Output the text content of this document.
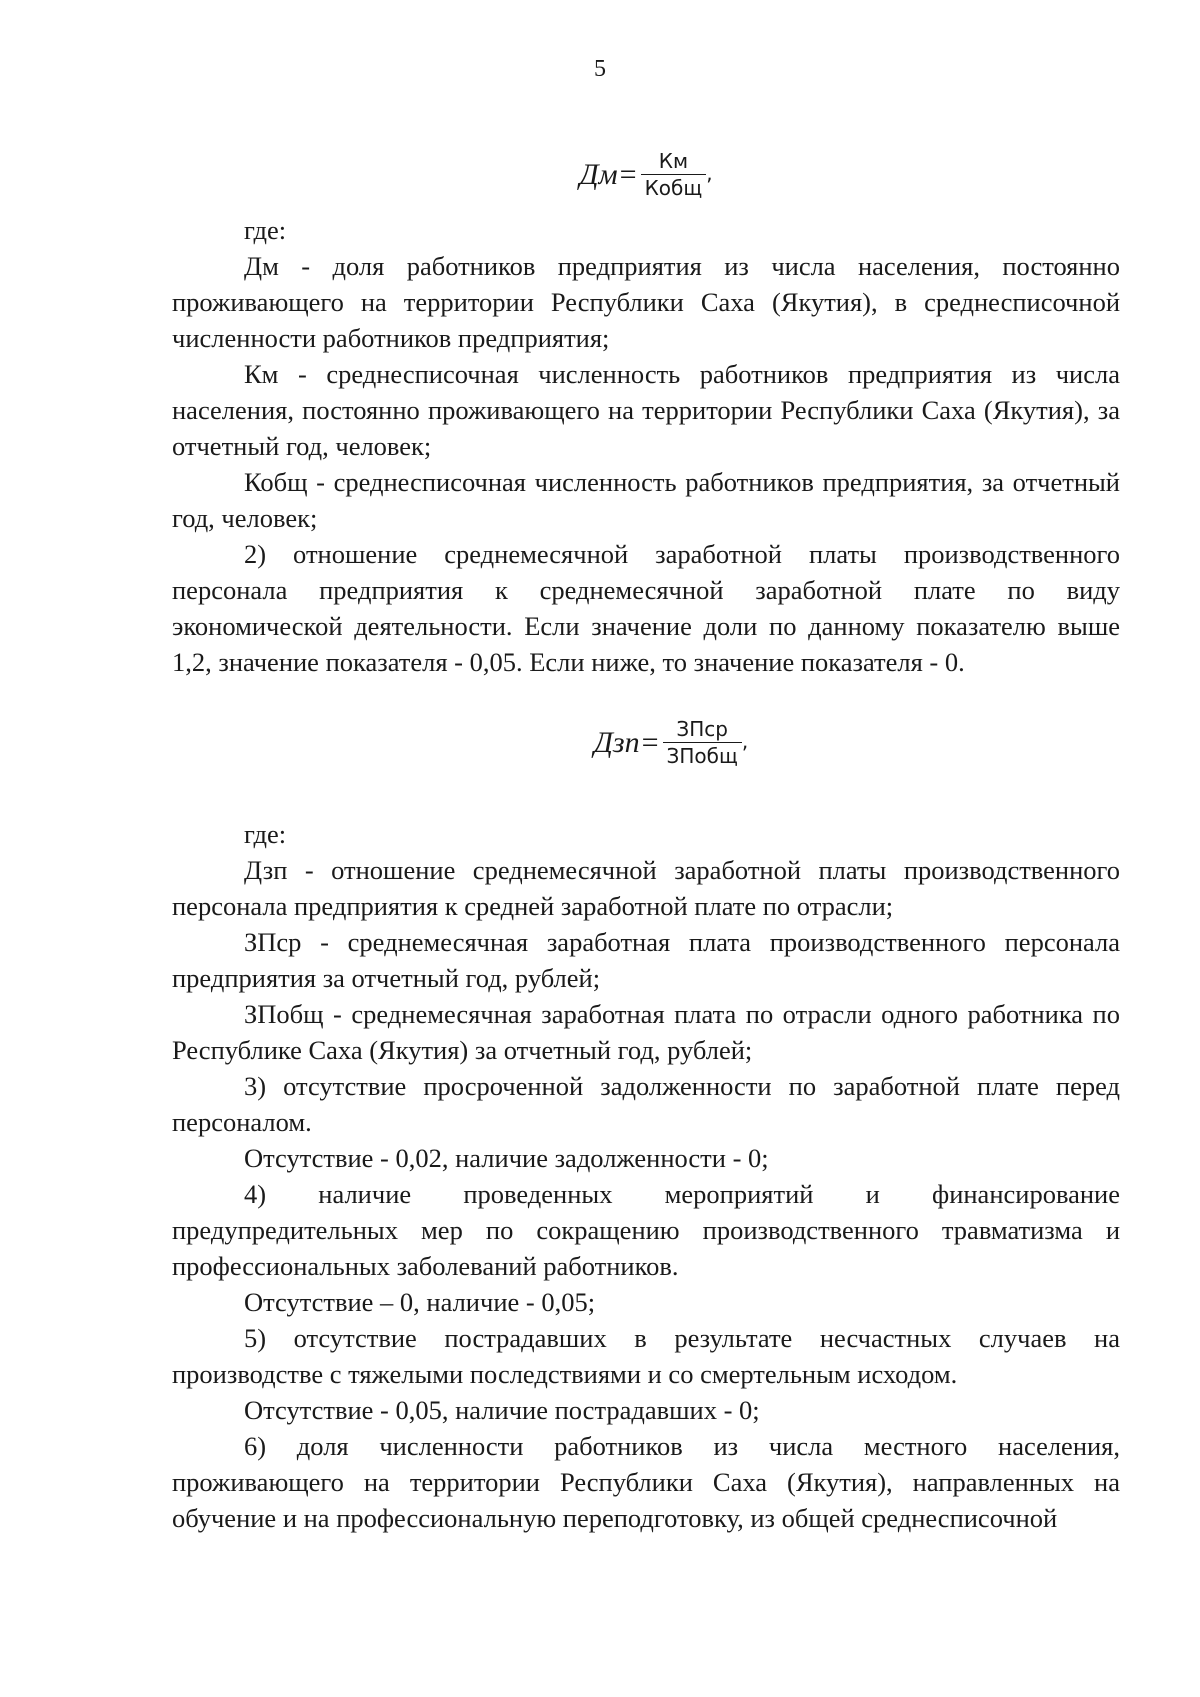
5
Дм = $\frac{Км}{\text{Кобщ}}$ ,

где:

Дм - доля работников предприятия из числа населения, постоянно проживающего на территории Республики Саха (Якутия), в среднесписочной численности работников предприятия;

Км - среднесписочная численность работников предприятия из числа населения, постоянно проживающего на территории Республики Саха (Якутия), за отчетный год, человек;

Кобщ - среднесписочная численность работников предприятия, за отчетный год, человек;

2) отношение среднемесячной заработной платы производственного персонала предприятия к среднемесячной заработной плате по виду экономической деятельности. Если значение доли по данному показателю выше 1,2, значение показателя - 0,05. Если ниже, то значение показателя - 0.

Дзп = $\frac{\text{ЗПср}}{\text{ЗПобщ}}$ ,

где:

Дзп - отношение среднемесячной заработной платы производственного персонала предприятия к средней заработной плате по отрасли;

ЗПср - среднемесячная заработная плата производственного персонала предприятия за отчетный год, рублей;

ЗПобщ - среднемесячная заработная плата по отрасли одного работника по Республике Саха (Якутия) за отчетный год, рублей;

3) отсутствие просроченной задолженности по заработной плате перед персоналом.

Отсутствие - 0,02, наличие задолженности - 0;

4) наличие проведенных мероприятий и финансирование предупредительных мер по сокращению производственного травматизма и профессиональных заболеваний работников.

Отсутствие – 0, наличие - 0,05;

5) отсутствие пострадавших в результате несчастных случаев на производстве с тяжелыми последствиями и со смертельным исходом.

Отсутствие - 0,05, наличие пострадавших - 0;

6) доля численности работников из числа местного населения, проживающего на территории Республики Саха (Якутия), направленных на обучение и на профессиональную переподготовку, из общей среднесписочной
